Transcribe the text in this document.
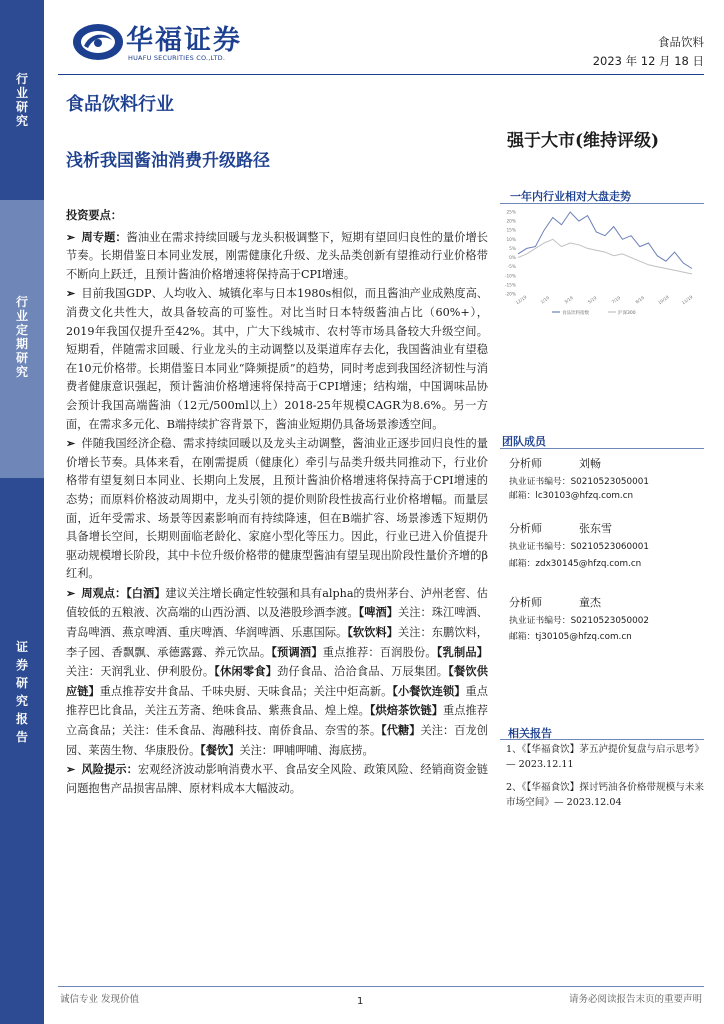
行
业
研
究
行
业
定
期
研
究
证
券
研
究
报
告
华福证券
HUAFU SECURITIES CO.,LTD.
食品饮料
2023 年 12 月 18 日
食品饮料行业
强于大市(维持评级)
浅析我国酱油消费升级路径
一年内行业相对大盘走势
25%
20%
15%
10%
5%
0%
-5%
-10%
-15%
-20%
12/19	1/19	3/19	5/19	7/19	8/19	10/19	11/19
食品饮料指数	沪深300

投资要点：

➢ 周专题：酱油业在需求持续回暖与龙头积极调整下，短期有望回归良性的量价增长节奏。长期借鉴日本同业发展，刚需健康化升级、龙头品类创新有望推动行业价格带不断向上跃迁，且预计酱油价格增速将保持高于CPI增速。

➢ 目前我国GDP、人均收入、城镇化率与日本1980s相似，而且酱油产业成熟度高、消费文化共性大，故具备较高的可鉴性。对比当时日本特级酱油占比（60%+），2019年我国仅提升至42%。其中，广大下线城市、农村等市场具备较大升级空间。短期看，伴随需求回暖、行业龙头的主动调整以及渠道库存去化，我国酱油业有望稳在10元价格带。长期借鉴日本同业“降频提质”的趋势，同时考虑到我国经济韧性与消费者健康意识强起，预计酱油价格增速将保持高于CPI增速；结构端，中国调味品协会预计我国高端酱油（12元/500ml以上）2018-25年规模CAGR为8.6%。另一方面，在需求多元化、B端持续扩容背景下，酱油业短期仍具备场景渗透空间。

➢ 伴随我国经济企稳、需求持续回暖以及龙头主动调整，酱油业正逐步回归良性的量价增长节奏。具体来看，在刚需提质（健康化）牵引与品类升级共同推动下，行业价格带有望复刻日本同业、长期向上发展，且预计酱油价格增速将保持高于CPI增速的态势；而原料价格波动周期中，龙头引领的提价则阶段性拔高行业价格增幅。而量层面，近年受需求、场景等因素影响而有持续降速，但在B端扩容、场景渗透下短期仍具备增长空间，长期则面临老龄化、家庭小型化等压力。因此，行业已进入价值提升驱动规模增长阶段，其中卡位升级价格带的健康型酱油有望呈现出阶段性量价齐增的β红利。

➢ 周观点：【白酒】建议关注增长确定性较强和具有alpha的贵州茅台、泸州老窖、估值较低的五粮液、次高端的山西汾酒、以及港股珍酒李渡。【啤酒】关注：珠江啤酒、青岛啤酒、燕京啤酒、重庆啤酒、华润啤酒、乐惠国际。【软饮料】关注：东鹏饮料，李子园、香飘飘、承德露露、养元饮品。【预调酒】重点推荐：百润股份。【乳制品】关注：天润乳业、伊利股份。【休闲零食】劲仔食品、洽洽食品、万辰集团。【餐饮供应链】重点推荐安井食品、千味央厨、天味食品；关注中炬高新。【小餐饮连锁】重点推荐巴比食品，关注五芳斋、绝味食品、紫燕食品、煌上煌。【烘焙茶饮链】重点推荐立高食品；关注：佳禾食品、海融科技、南侨食品、奈雪的茶。【代糖】关注：百龙创园、莱茵生物、华康股份。【餐饮】关注：呷哺呷哺、海底捞。

➢ 风险提示：宏观经济波动影响消费水平、食品安全风险、政策风险、经销商资金链问题抱售产品损害品牌、原材料成本大幅波动。

团队成员
分析师	刘畅
执业证书编号：S0210523050001
邮箱：lc30103@hfzq.com.cn
分析师	张东雪
执业证书编号：S0210523060001
邮箱：zdx30145@hfzq.com.cn
分析师	童杰
执业证书编号：S0210523050002
邮箱：tj30105@hfzq.com.cn
相关报告

1、《【华福食饮】茅五泸提价复盘与启示思考》— 2023.12.11

2、《【华福食饮】探讨钙油各价格带规模与未来市场空间》— 2023.12.04

诚信专业 发现价值	1	请务必阅读报告末页的重要声明
